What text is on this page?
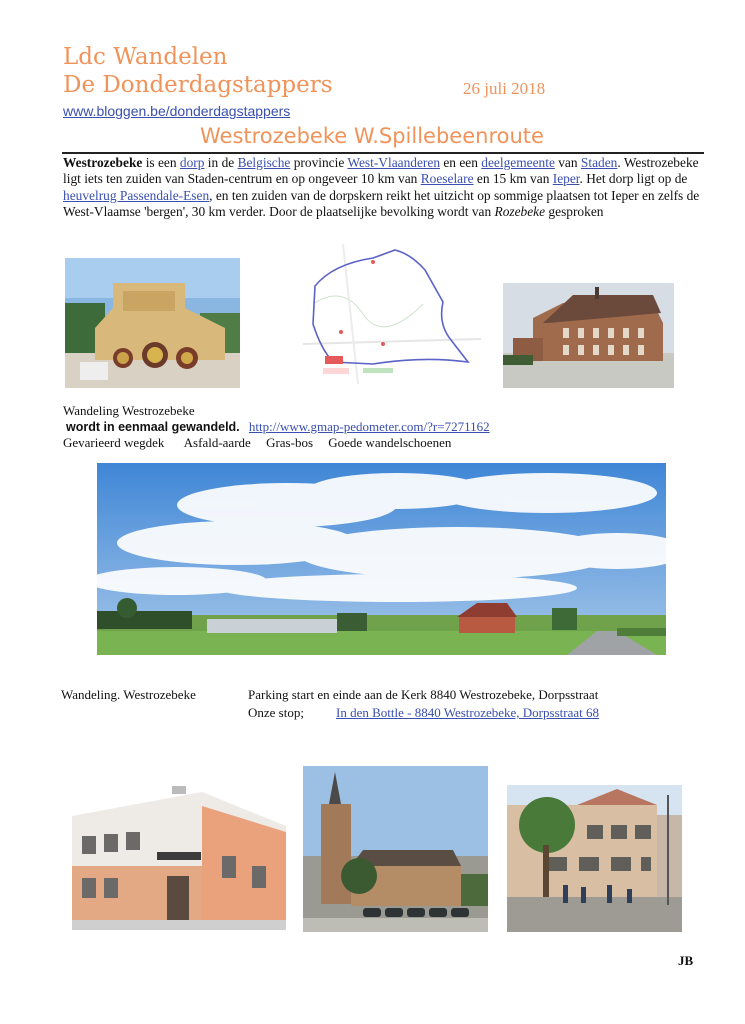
Ldc Wandelen
De Donderdagstappers	26 juli 2018
www.bloggen.be/donderdagstappers
Westrozebeke W.Spillebeenroute
Westrozebeke is een dorp in de Belgische provincie West-Vlaanderen en een deelgemeente van Staden. Westrozebeke ligt iets ten zuiden van Staden-centrum en op ongeveer 10 km van Roeselare en 15 km van Ieper. Het dorp ligt op de heuvelrug Passendale-Esen, en ten zuiden van de dorpskern reikt het uitzicht op sommige plaatsen tot Ieper en zelfs de West-Vlaamse 'bergen', 30 km verder. Door de plaatselijke bevolking wordt van Rozebeke gesproken
Wandeling Westrozebeke
wordt in eenmaal gewandeld. http://www.gmap-pedometer.com/?r=7271162
Gevarieerd wegdek Asfald-aarde Gras-bos Goede wandelschoenen
Wandeling. Westrozebeke	Parking start en einde aan de Kerk 8840 Westrozebeke, Dorpsstraat
Onze stop; In den Bottle - 8840 Westrozebeke, Dorpsstraat 68
JB
